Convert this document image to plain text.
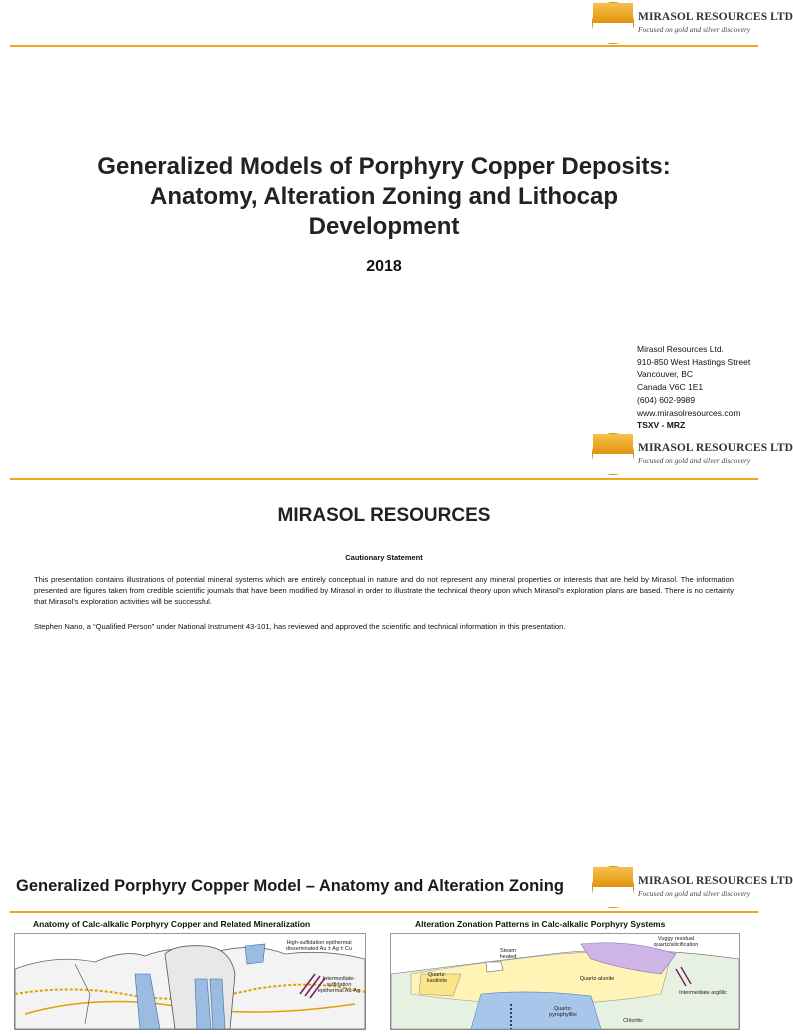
MIRASOL RESOURCES LTD
Focused on gold and silver discovery
Generalized Models of Porphyry Copper Deposits:
Anatomy, Alteration Zoning and Lithocap
Development
2018
Mirasol Resources Ltd.
910-850 West Hastings Street
Vancouver, BC
Canada V6C 1E1
(604) 602-9989
www.mirasolresources.com
TSXV - MRZ
MIRASOL RESOURCES LTD
Focused on gold and silver discovery
MIRASOL RESOURCES
Cautionary Statement
This presentation contains illustrations of potential mineral systems which are entirely conceptual in nature and do not represent any mineral properties or interests that are held by Mirasol. The information presented are figures taken from credible scientific journals that have been modified by Mirasol in order to illustrate the technical theory upon which Mirasol’s exploration plans are based. There is no certainty that Mirasol’s exploration activities will be successful.
Stephen Nano, a “Qualified Person” under National Instrument 43-101, has reviewed and approved the scientific and technical information in this presentation.
Generalized Porphyry Copper Model – Anatomy and Alteration Zoning	MIRASOL RESOURCES LTD
Focused on gold and silver discovery
Anatomy of Calc-alkalic Porphyry Copper and Related Mineralization	Alteration Zonation Patterns in Calc-alkalic Porphyry Systems
High-sulfidation epithermal disseminated Au ± Ag ± Cu
Intermediate-sulfidation epithermal Au-Ag
Vuggy residual quartz/silicification
Steam heated
Quartz-kaolinite	Quartz-alunite
Intermediate argillic
Quartz-pyrophyllite
Chloritic
